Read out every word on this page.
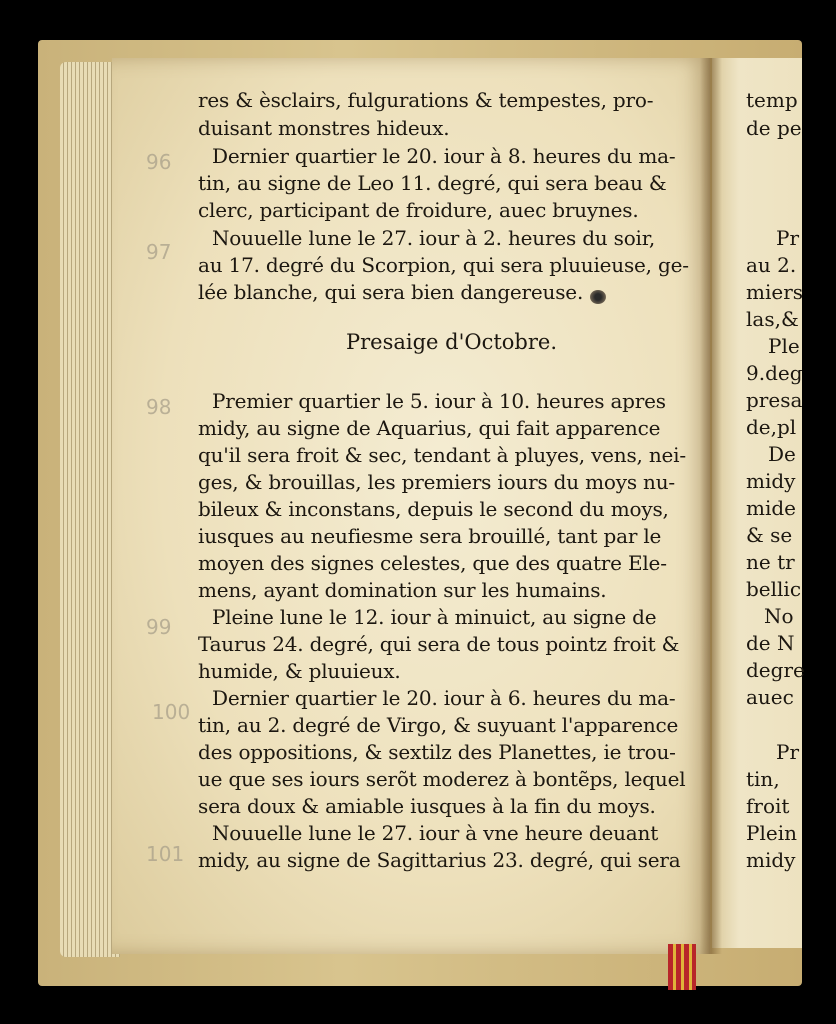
res & èsclairs, fulgurations & tempestes, pro-
duisant monstres hideux.
Dernier quartier le 20. iour à 8. heures du ma-
tin, au signe de Leo 11. degré, qui sera beau &
clerc, participant de froidure, auec bruynes.
Nouuelle lune le 27. iour à 2. heures du soir,
au 17. degré du Scorpion, qui sera pluuieuse, ge-
lée blanche, qui sera bien dangereuse.
Presaige d'Octobre.
Premier quartier le 5. iour à 10. heures apres
midy, au signe de Aquarius, qui fait apparence
qu'il sera froit & sec, tendant à pluyes, vens, nei-
ges, & brouillas, les premiers iours du moys nu-
bileux & inconstans, depuis le second du moys,
iusques au neufiesme sera brouillé, tant par le
moyen des signes celestes, que des quatre Ele-
mens, ayant domination sur les humains.
Pleine lune le 12. iour à minuict, au signe de
Taurus 24. degré, qui sera de tous pointz froit &
humide, & pluuieux.
Dernier quartier le 20. iour à 6. heures du ma-
tin, au 2. degré de Virgo, & suyuant l'apparence
des oppositions, & sextilz des Planettes, ie trou-
ue que ses iours serõt moderez à bontẽps, lequel
sera doux & amiable iusques à la fin du moys.
Nouuelle lune le 27. iour à vne heure deuant
midy, au signe de Sagittarius 23. degré, qui sera
96
97
98
99
100
101
temp
de pe
Pr
au 2.
miers
las,&
Ple
9.deg
presa
de,pl
De
midy
mide
& se
ne tr
bellic
No
de N
degre
auec
Pr
tin,
froit
Plein
midy
